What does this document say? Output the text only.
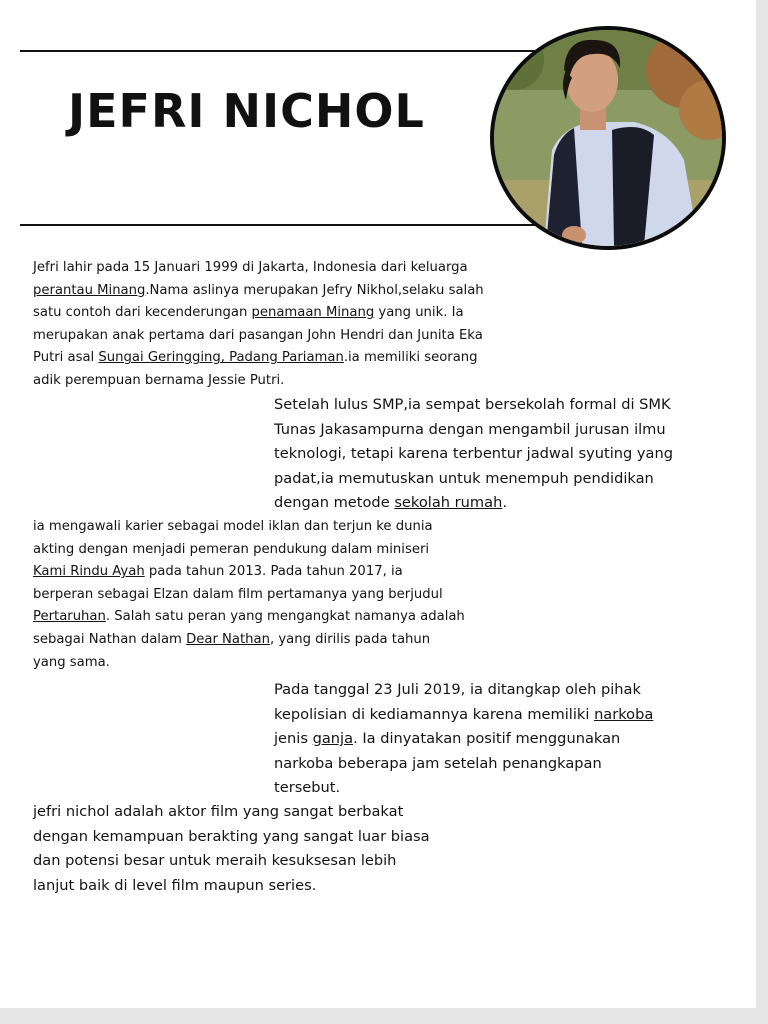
JEFRI NICHOL

Jefri lahir pada 15 Januari 1999 di Jakarta, Indonesia dari keluarga
perantau Minang.Nama aslinya merupakan Jefry Nikhol,selaku salah
satu contoh dari kecenderungan penamaan Minang yang unik. Ia
merupakan anak pertama dari pasangan John Hendri dan Junita Eka
Putri asal Sungai Geringging, Padang Pariaman.ia memiliki seorang
adik perempuan bernama Jessie Putri.

Setelah lulus SMP,ia sempat bersekolah formal di SMK
Tunas Jakasampurna dengan mengambil jurusan ilmu
teknologi, tetapi karena terbentur jadwal syuting yang
padat,ia memutuskan untuk menempuh pendidikan
dengan metode sekolah rumah.

ia mengawali karier sebagai model iklan dan terjun ke dunia
akting dengan menjadi pemeran pendukung dalam miniseri
Kami Rindu Ayah pada tahun 2013. Pada tahun 2017, ia
berperan sebagai Elzan dalam film pertamanya yang berjudul
Pertaruhan. Salah satu peran yang mengangkat namanya adalah
sebagai Nathan dalam Dear Nathan, yang dirilis pada tahun
yang sama.

Pada tanggal 23 Juli 2019, ia ditangkap oleh pihak
kepolisian di kediamannya karena memiliki narkoba
jenis ganja. Ia dinyatakan positif menggunakan
narkoba beberapa jam setelah penangkapan
tersebut.

jefri nichol adalah aktor film yang sangat berbakat
dengan kemampuan berakting yang sangat luar biasa
dan potensi besar untuk meraih kesuksesan lebih
lanjut baik di level film maupun series.
